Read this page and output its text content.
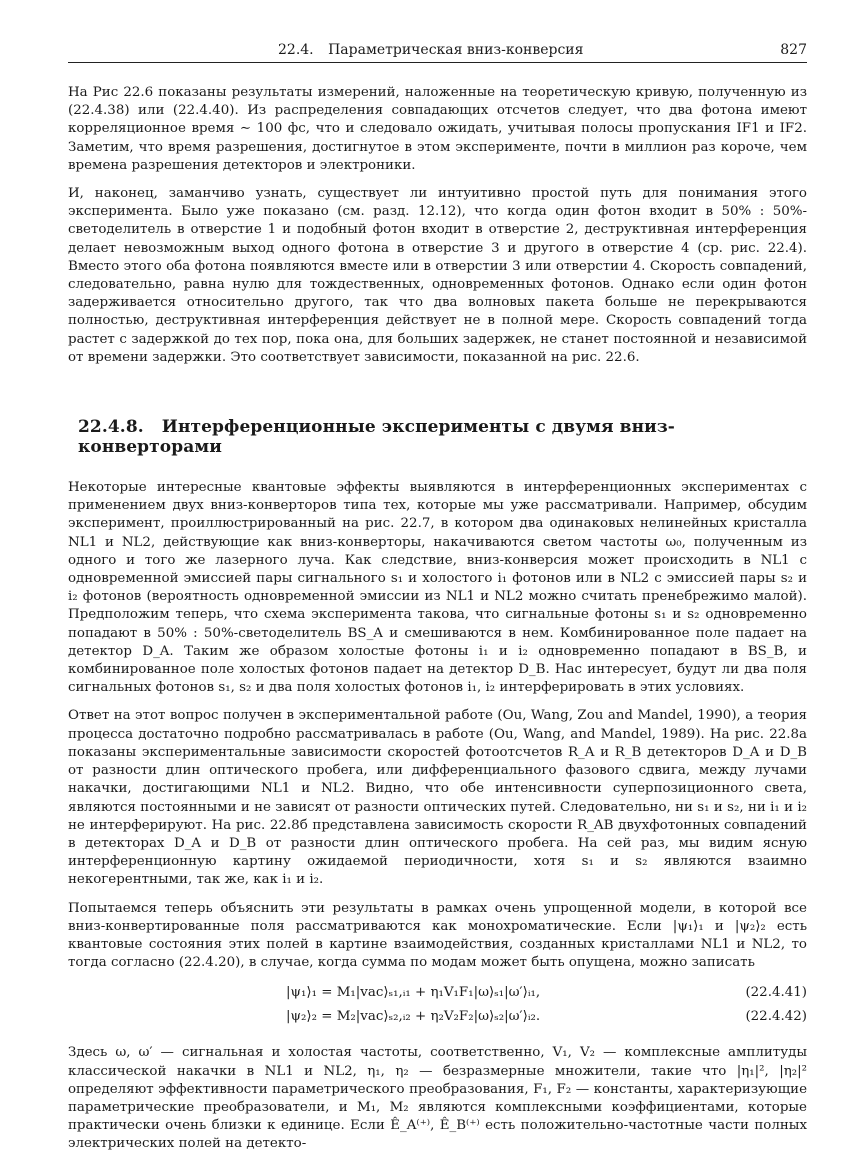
22.4. Параметрическая вниз-конверсия	827

На Рис 22.6 показаны результаты измерений, наложенные на теоретическую кривую, полученную из (22.4.38) или (22.4.40). Из распределения совпадающих отсчетов следует, что два фотона имеют корреляционное время ∼ 100 фс, что и следовало ожидать, учитывая полосы пропускания IF1 и IF2. Заметим, что время разрешения, достигнутое в этом эксперименте, почти в миллион раз короче, чем времена разрешения детекторов и электроники.

И, наконец, заманчиво узнать, существует ли интуитивно простой путь для понимания этого эксперимента. Было уже показано (см. разд. 12.12), что когда один фотон входит в 50% : 50%-светоделитель в отверстие 1 и подобный фотон входит в отверстие 2, деструктивная интерференция делает невозможным выход одного фотона в отверстие 3 и другого в отверстие 4 (ср. рис. 22.4). Вместо этого оба фотона появляются вместе или в отверстии 3 или отверстии 4. Скорость совпадений, следовательно, равна нулю для тождественных, одновременных фотонов. Однако если один фотон задерживается относительно другого, так что два волновых пакета больше не перекрываются полностью, деструктивная интерференция действует не в полной мере. Скорость совпадений тогда растет с задержкой до тех пор, пока она, для больших задержек, не станет постоянной и независимой от времени задержки. Это соответствует зависимости, показанной на рис. 22.6.

22.4.8. Интерференционные эксперименты с двумя вниз-конверторами

Некоторые интересные квантовые эффекты выявляются в интерференционных экспериментах с применением двух вниз-конверторов типа тех, которые мы уже рассматривали. Например, обсудим эксперимент, проиллюстрированный на рис. 22.7, в котором два одинаковых нелинейных кристалла NL1 и NL2, действующие как вниз-конверторы, накачиваются светом частоты ω₀, полученным из одного и того же лазерного луча. Как следствие, вниз-конверсия может происходить в NL1 с одновременной эмиссией пары сигнального s₁ и холостого i₁ фотонов или в NL2 с эмиссией пары s₂ и i₂ фотонов (вероятность одновременной эмиссии из NL1 и NL2 можно считать пренебрежимо малой). Предположим теперь, что схема эксперимента такова, что сигнальные фотоны s₁ и s₂ одновременно попадают в 50% : 50%-светоделитель BS_A и смешиваются в нем. Комбинированное поле падает на детектор D_A. Таким же образом холостые фотоны i₁ и i₂ одновременно попадают в BS_B, и комбинированное поле холостых фотонов падает на детектор D_B. Нас интересует, будут ли два поля сигнальных фотонов s₁, s₂ и два поля холостых фотонов i₁, i₂ интерферировать в этих условиях.

Ответ на этот вопрос получен в экспериментальной работе (Ou, Wang, Zou and Mandel, 1990), а теория процесса достаточно подробно рассматривалась в работе (Ou, Wang, and Mandel, 1989). На рис. 22.8a показаны экспериментальные зависимости скоростей фотоотсчетов R_A и R_B детекторов D_A и D_B от разности длин оптического пробега, или дифференциального фазового сдвига, между лучами накачки, достигающими NL1 и NL2. Видно, что обе интенсивности суперпозиционного света, являются постоянными и не зависят от разности оптических путей. Следовательно, ни s₁ и s₂, ни i₁ и i₂ не интерферируют. На рис. 22.8б представлена зависимость скорости R_AB двухфотонных совпадений в детекторах D_A и D_B от разности длин оптического пробега. На сей раз, мы видим ясную интерференционную картину ожидаемой периодичности, хотя s₁ и s₂ являются взаимно некогерентными, так же, как i₁ и i₂.

Попытаемся теперь объяснить эти результаты в рамках очень упрощенной модели, в которой все вниз-конвертированные поля рассматриваются как монохроматические. Если |ψ₁⟩₁ и |ψ₂⟩₂ есть квантовые состояния этих полей в картине взаимодействия, созданных кристаллами NL1 и NL2, то тогда согласно (22.4.20), в случае, когда сумма по модам может быть опущена, можно записать

|ψ₁⟩₁ = M₁|vac⟩ₛ₁,ᵢ₁ + η₁V₁F₁|ω⟩ₛ₁|ω′⟩ᵢ₁,	(22.4.41)
|ψ₂⟩₂ = M₂|vac⟩ₛ₂,ᵢ₂ + η₂V₂F₂|ω⟩ₛ₂|ω′⟩ᵢ₂.	(22.4.42)

Здесь ω, ω′ — сигнальная и холостая частоты, соответственно, V₁, V₂ — комплексные амплитуды классической накачки в NL1 и NL2, η₁, η₂ — безразмерные множители, такие что |η₁|², |η₂|² определяют эффективности параметрического преобразования, F₁, F₂ — константы, характеризующие параметрические преобразователи, и M₁, M₂ являются комплексными коэффициентами, которые практически очень близки к единице. Если Ê_A⁽⁺⁾, Ê_B⁽⁺⁾ есть положительно-частотные части полных электрических полей на детекто-
